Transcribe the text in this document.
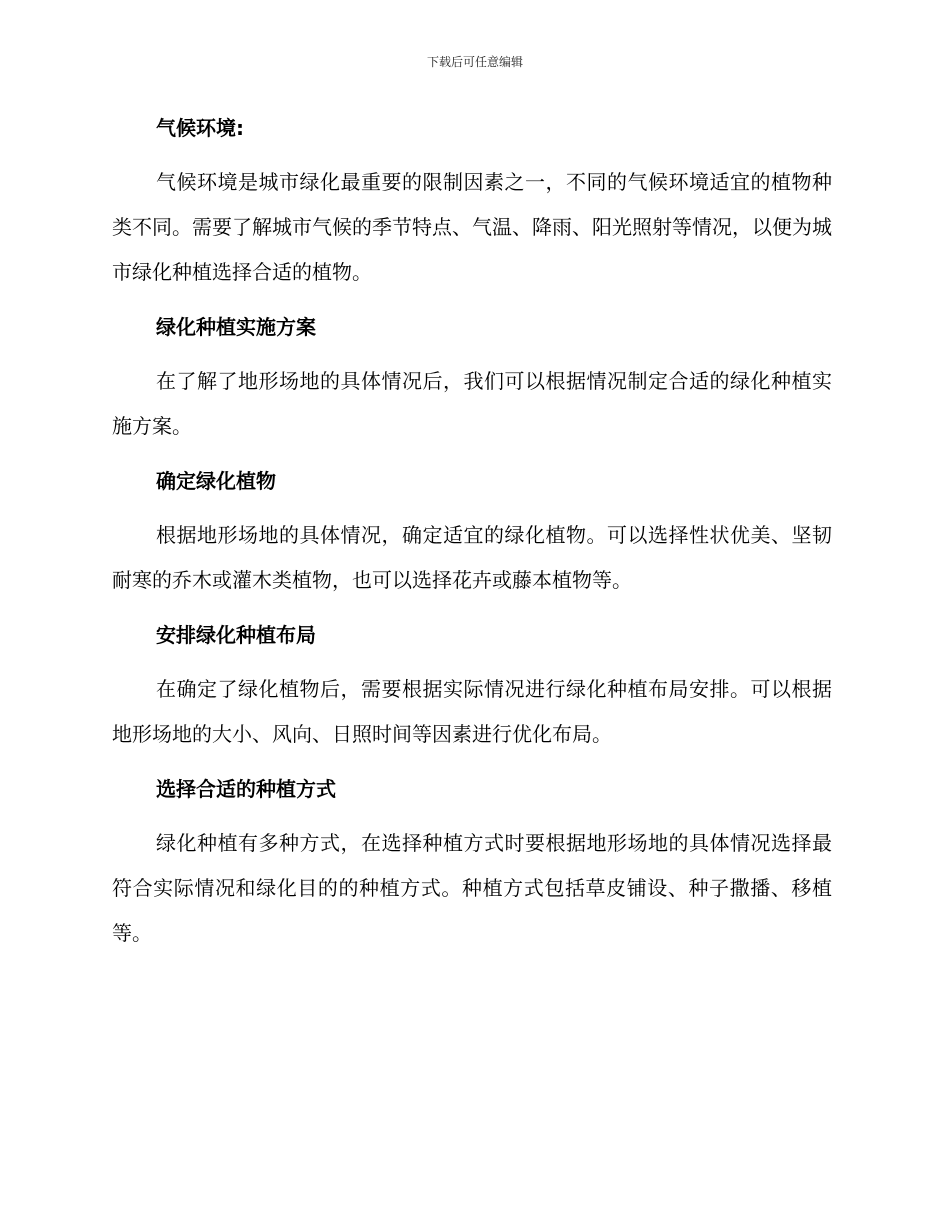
下载后可任意编辑
气候环境:
气候环境是城市绿化最重要的限制因素之一，不同的气候环境适宜的植物种类不同。需要了解城市气候的季节特点、气温、降雨、阳光照射等情况，以便为城市绿化种植选择合适的植物。
绿化种植实施方案
在了解了地形场地的具体情况后，我们可以根据情况制定合适的绿化种植实施方案。
确定绿化植物
根据地形场地的具体情况，确定适宜的绿化植物。可以选择性状优美、坚韧耐寒的乔木或灌木类植物，也可以选择花卉或藤本植物等。
安排绿化种植布局
在确定了绿化植物后，需要根据实际情况进行绿化种植布局安排。可以根据地形场地的大小、风向、日照时间等因素进行优化布局。
选择合适的种植方式
绿化种植有多种方式，在选择种植方式时要根据地形场地的具体情况选择最符合实际情况和绿化目的的种植方式。种植方式包括草皮铺设、种子撒播、移植等。
